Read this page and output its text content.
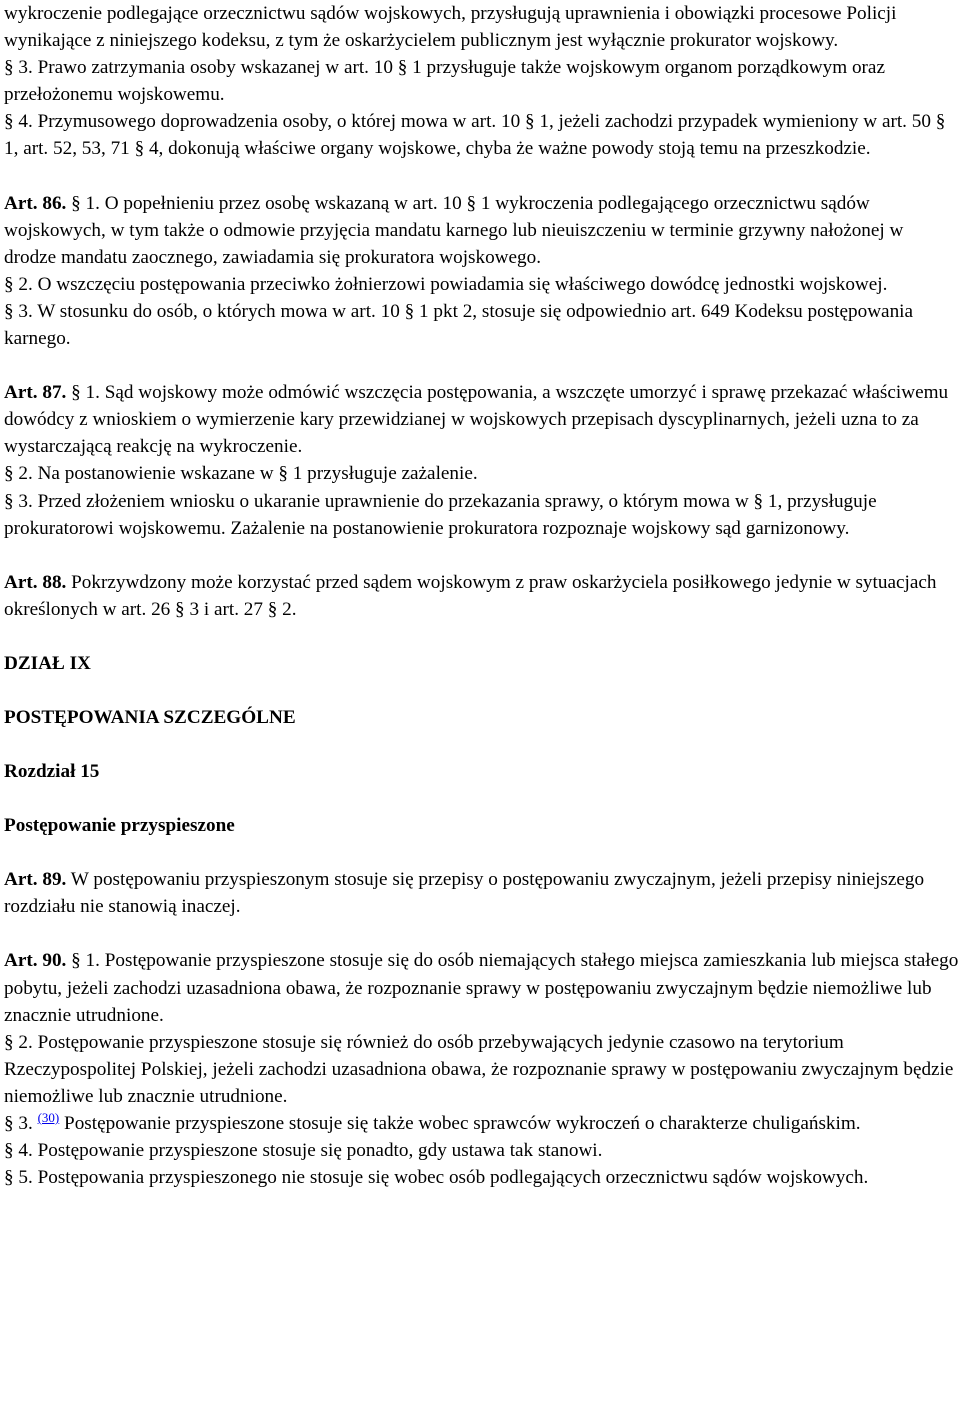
wykroczenie podlegające orzecznictwu sądów wojskowych, przysługują uprawnienia i obowiązki procesowe Policji wynikające z niniejszego kodeksu, z tym że oskarżycielem publicznym jest wyłącznie prokurator wojskowy.

§ 3. Prawo zatrzymania osoby wskazanej w art. 10 § 1 przysługuje także wojskowym organom porządkowym oraz przełożonemu wojskowemu.

§ 4. Przymusowego doprowadzenia osoby, o której mowa w art. 10 § 1, jeżeli zachodzi przypadek wymieniony w art. 50 § 1, art. 52, 53, 71 § 4, dokonują właściwe organy wojskowe, chyba że ważne powody stoją temu na przeszkodzie.

Art. 86. § 1. O popełnieniu przez osobę wskazaną w art. 10 § 1 wykroczenia podlegającego orzecznictwu sądów wojskowych, w tym także o odmowie przyjęcia mandatu karnego lub nieuiszczeniu w terminie grzywny nałożonej w drodze mandatu zaocznego, zawiadamia się prokuratora wojskowego.

§ 2. O wszczęciu postępowania przeciwko żołnierzowi powiadamia się właściwego dowódcę jednostki wojskowej.

§ 3. W stosunku do osób, o których mowa w art. 10 § 1 pkt 2, stosuje się odpowiednio art. 649 Kodeksu postępowania karnego.

Art. 87. § 1. Sąd wojskowy może odmówić wszczęcia postępowania, a wszczęte umorzyć i sprawę przekazać właściwemu dowódcy z wnioskiem o wymierzenie kary przewidzianej w wojskowych przepisach dyscyplinarnych, jeżeli uzna to za wystarczającą reakcję na wykroczenie.

§ 2. Na postanowienie wskazane w § 1 przysługuje zażalenie.

§ 3. Przed złożeniem wniosku o ukaranie uprawnienie do przekazania sprawy, o którym mowa w § 1, przysługuje prokuratorowi wojskowemu. Zażalenie na postanowienie prokuratora rozpoznaje wojskowy sąd garnizonowy.

Art. 88. Pokrzywdzony może korzystać przed sądem wojskowym z praw oskarżyciela posiłkowego jedynie w sytuacjach określonych w art. 26 § 3 i art. 27 § 2.

DZIAŁ IX

POSTĘPOWANIA SZCZEGÓLNE

Rozdział 15

Postępowanie przyspieszone

Art. 89. W postępowaniu przyspieszonym stosuje się przepisy o postępowaniu zwyczajnym, jeżeli przepisy niniejszego rozdziału nie stanowią inaczej.

Art. 90. § 1. Postępowanie przyspieszone stosuje się do osób niemających stałego miejsca zamieszkania lub miejsca stałego pobytu, jeżeli zachodzi uzasadniona obawa, że rozpoznanie sprawy w postępowaniu zwyczajnym będzie niemożliwe lub znacznie utrudnione.

§ 2. Postępowanie przyspieszone stosuje się również do osób przebywających jedynie czasowo na terytorium Rzeczypospolitej Polskiej, jeżeli zachodzi uzasadniona obawa, że rozpoznanie sprawy w postępowaniu zwyczajnym będzie niemożliwe lub znacznie utrudnione.

§ 3. $^{(30)}$ Postępowanie przyspieszone stosuje się także wobec sprawców wykroczeń o charakterze chuligańskim.

§ 4. Postępowanie przyspieszone stosuje się ponadto, gdy ustawa tak stanowi.

§ 5. Postępowania przyspieszonego nie stosuje się wobec osób podlegających orzecznictwu sądów wojskowych.
